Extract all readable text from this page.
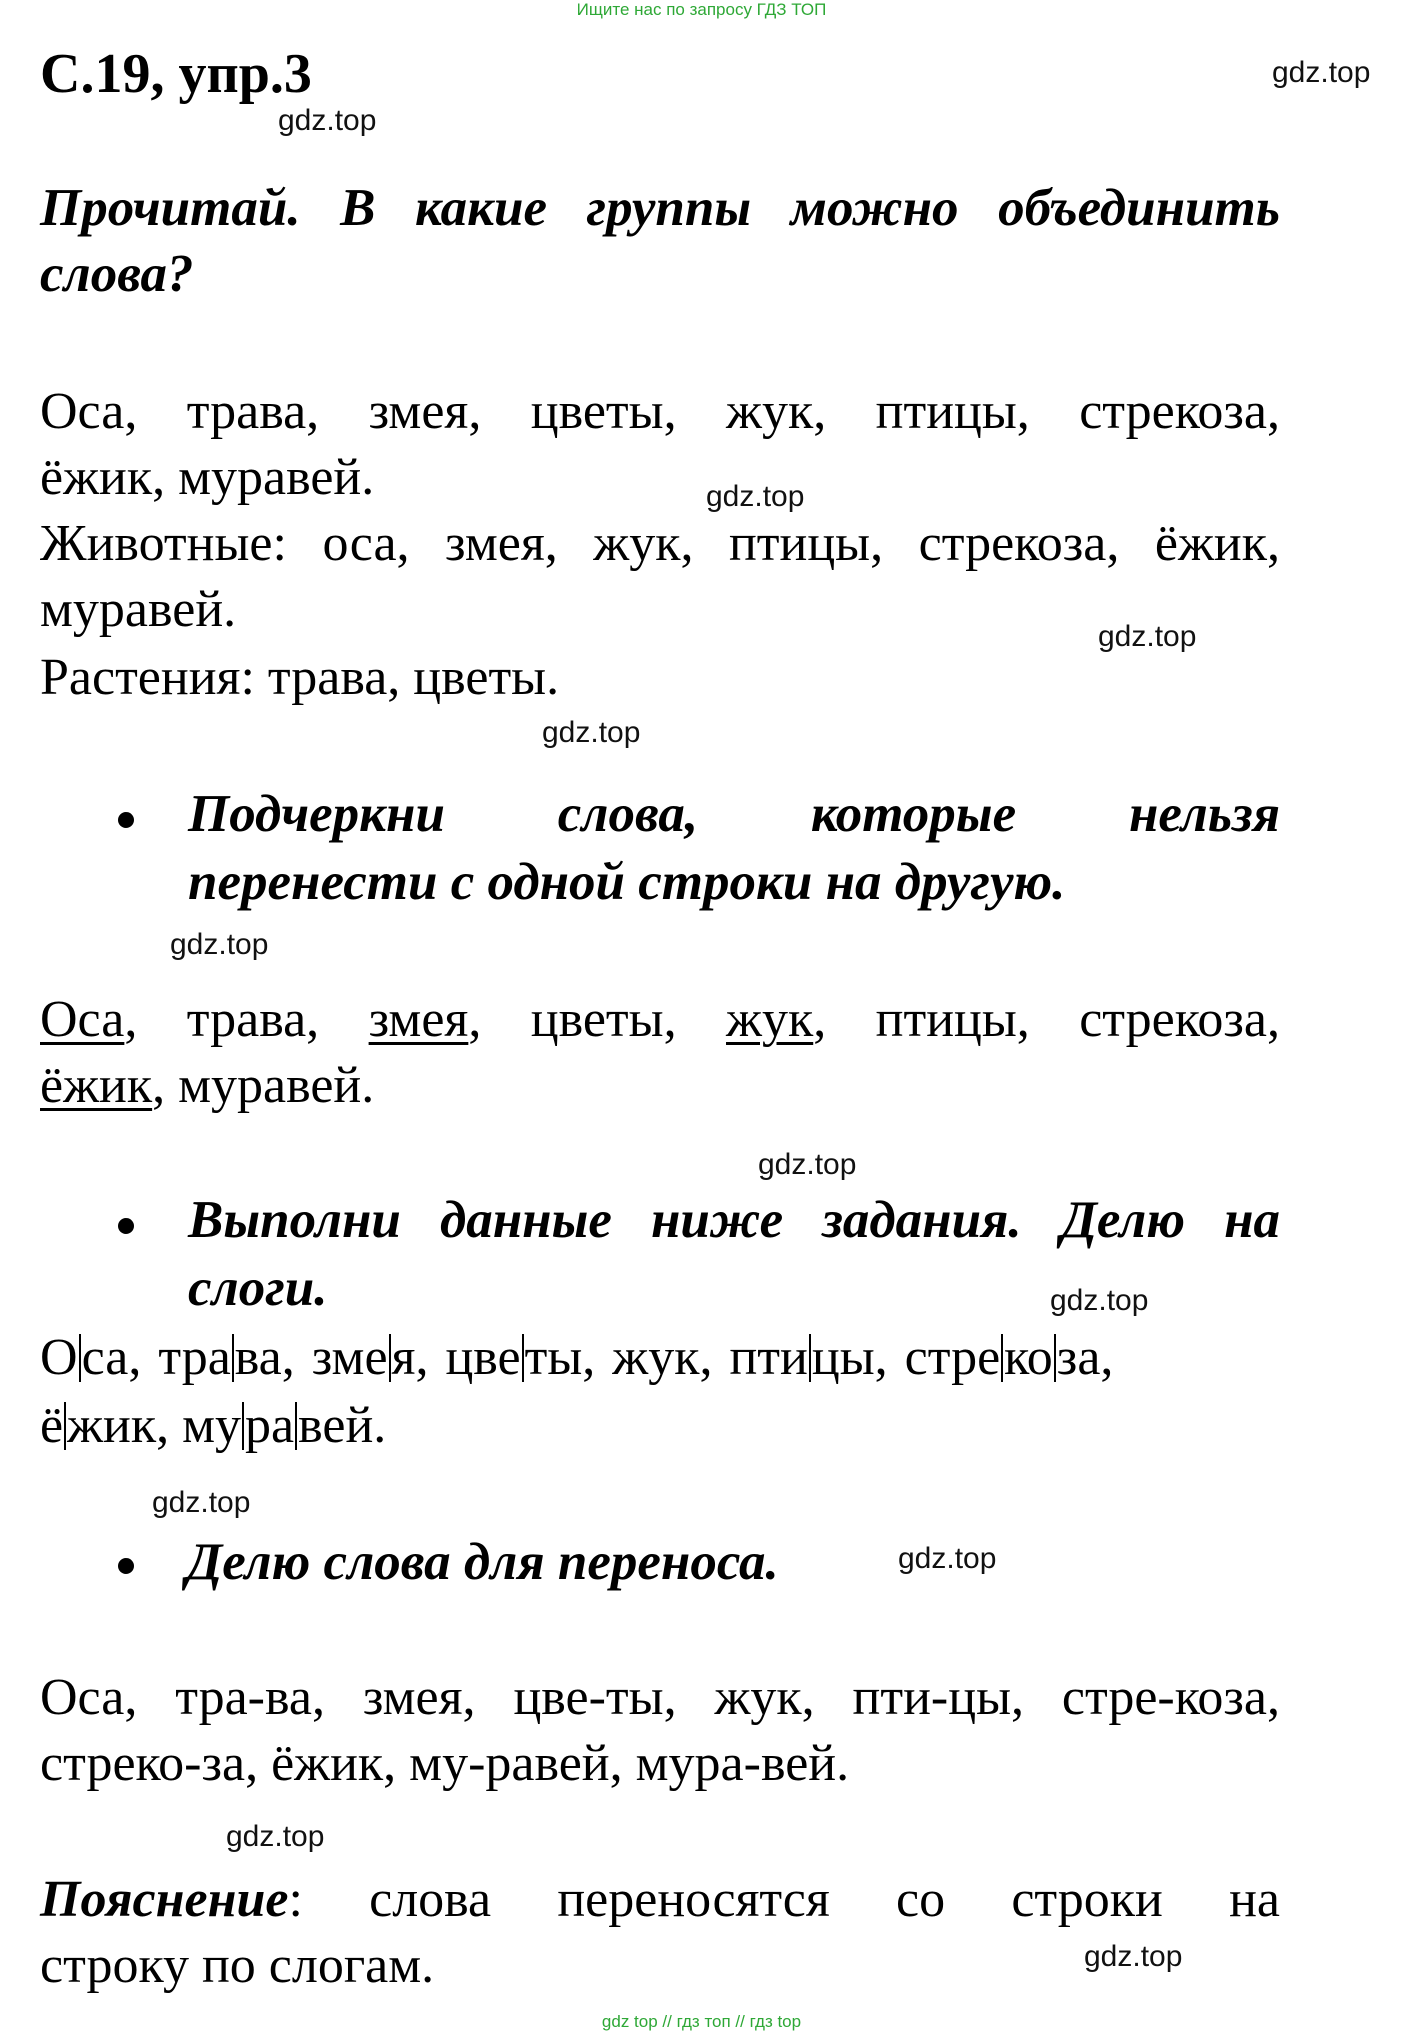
Ищите нас по запросу ГДЗ ТОП
С.19, упр.3	gdz.top
gdz.top
Прочитай. В какие группы можно объединить
слова?
Оса, трава, змея, цветы, жук, птицы, стрекоза,
ёжик, муравей.	gdz.top
Животные: оса, змея, жук, птицы, стрекоза, ёжик,
муравей.	gdz.top
Растения: трава, цветы.
gdz.top
Подчеркни слова, которые нельзя
перенести с одной строки на другую.
gdz.top
Оса, трава, змея, цветы, жук, птицы, стрекоза,
ёжик, муравей.
gdz.top
Выполни данные ниже задания. Делю на
слоги.	gdz.top
Оса, трава, змея, цветы, жук, птицы, стрекоза,
ёжик, муравей.
gdz.top
Делю слова для переноса.	gdz.top
Оса, тра-ва, змея, цве-ты, жук, пти-цы, стре-коза,
стреко-за, ёжик, му-равей, мура-вей.
gdz.top
Пояснение: слова переносятся со строки на
строку по слогам.	gdz.top
gdz top // гдз топ // гдз top
